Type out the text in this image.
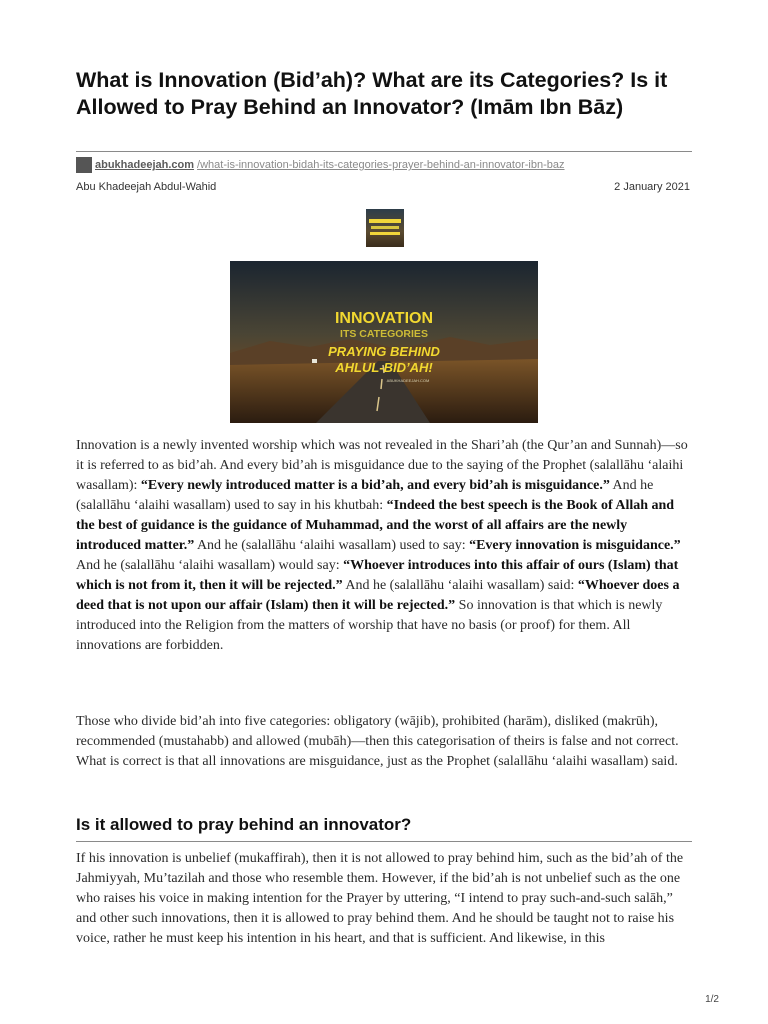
What is Innovation (Bid’ah)? What are its Categories? Is it Allowed to Pray Behind an Innovator? (Imām Ibn Bāz)
abukhadeejah.com /what-is-innovation-bidah-its-categories-prayer-behind-an-innovator-ibn-baz
Abu Khadeejah Abdul-Wahid	2 January 2021
INNOVATION
ITS CATEGORIES
PRAYING BEHIND
AHLUL-BID’AH!
ABUKHADEEJAH.COM

Innovation is a newly invented worship which was not revealed in the Shari’ah (the Qur’an and Sunnah)—so it is referred to as bid’ah. And every bid’ah is misguidance due to the saying of the Prophet (salallāhu ‘alaihi wasallam): “Every newly introduced matter is a bid’ah, and every bid’ah is misguidance.” And he (salallāhu ‘alaihi wasallam) used to say in his khutbah: “Indeed the best speech is the Book of Allah and the best of guidance is the guidance of Muhammad, and the worst of all affairs are the newly introduced matter.” And he (salallāhu ‘alaihi wasallam) used to say: “Every innovation is misguidance.” And he (salallāhu ‘alaihi wasallam) would say: “Whoever introduces into this affair of ours (Islam) that which is not from it, then it will be rejected.” And he (salallāhu ‘alaihi wasallam) said: “Whoever does a deed that is not upon our affair (Islam) then it will be rejected.” So innovation is that which is newly introduced into the Religion from the matters of worship that have no basis (or proof) for them. All innovations are forbidden.

Those who divide bid’ah into five categories: obligatory (wājib), prohibited (harām), disliked (makrūh), recommended (mustahabb) and allowed (mubāh)—then this categorisation of theirs is false and not correct. What is correct is that all innovations are misguidance, just as the Prophet (salallāhu ‘alaihi wasallam) said.

Is it allowed to pray behind an innovator?

If his innovation is unbelief (mukaffirah), then it is not allowed to pray behind him, such as the bid’ah of the Jahmiyyah, Mu’tazilah and those who resemble them. However, if the bid’ah is not unbelief such as the one who raises his voice in making intention for the Prayer by uttering, “I intend to pray such-and-such salāh,” and other such innovations, then it is allowed to pray behind them. And he should be taught not to raise his voice, rather he must keep his intention in his heart, and that is sufficient. And likewise, in this

1/2
